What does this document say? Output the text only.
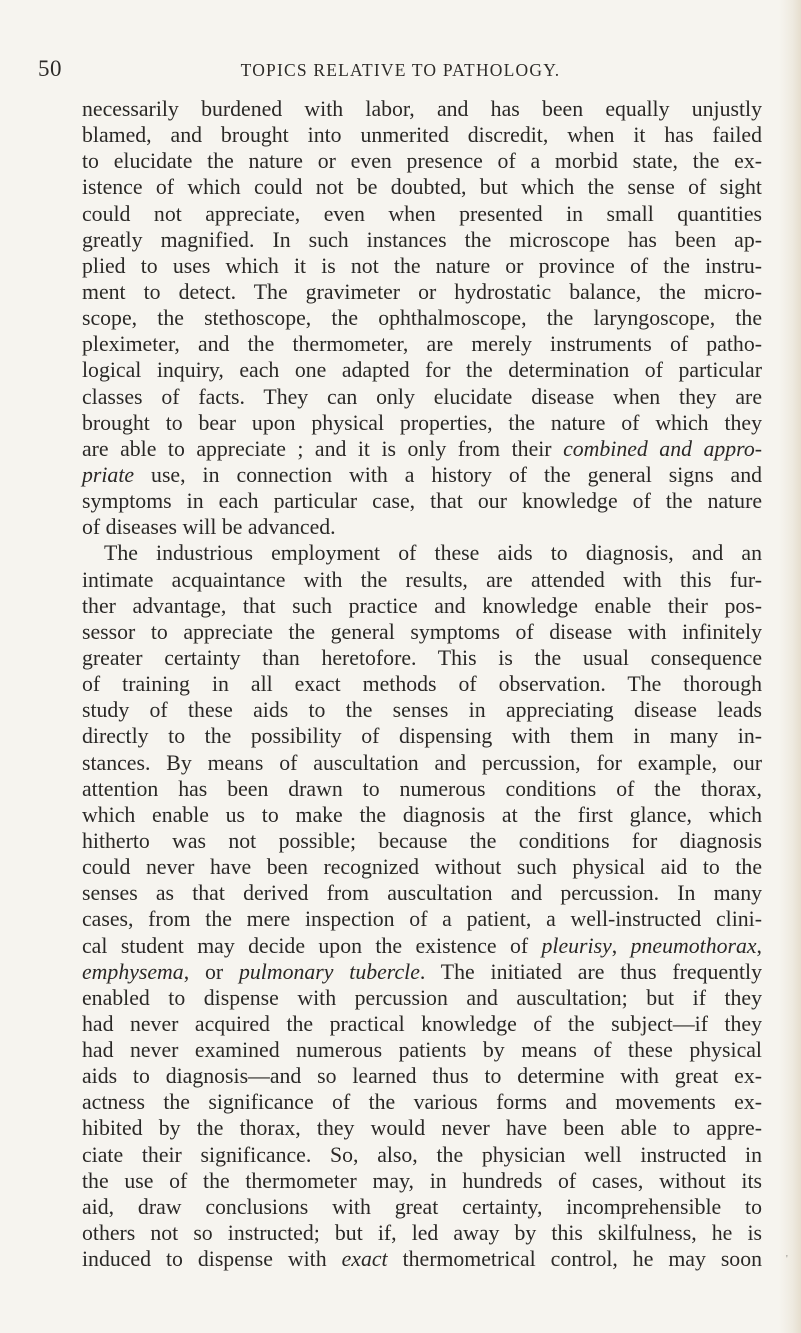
50	TOPICS RELATIVE TO PATHOLOGY.
necessarily burdened with labor, and has been equally unjustly
blamed, and brought into unmerited discredit, when it has failed
to elucidate the nature or even presence of a morbid state, the ex-
istence of which could not be doubted, but which the sense of sight
could not appreciate, even when presented in small quantities
greatly magnified. In such instances the microscope has been ap-
plied to uses which it is not the nature or province of the instru-
ment to detect. The gravimeter or hydrostatic balance, the micro-
scope, the stethoscope, the ophthalmoscope, the laryngoscope, the
pleximeter, and the thermometer, are merely instruments of patho-
logical inquiry, each one adapted for the determination of particular
classes of facts. They can only elucidate disease when they are
brought to bear upon physical properties, the nature of which they
are able to appreciate ; and it is only from their combined and appro-
priate use, in connection with a history of the general signs and
symptoms in each particular case, that our knowledge of the nature
of diseases will be advanced.
The industrious employment of these aids to diagnosis, and an
intimate acquaintance with the results, are attended with this fur-
ther advantage, that such practice and knowledge enable their pos-
sessor to appreciate the general symptoms of disease with infinitely
greater certainty than heretofore. This is the usual consequence
of training in all exact methods of observation. The thorough
study of these aids to the senses in appreciating disease leads
directly to the possibility of dispensing with them in many in-
stances. By means of auscultation and percussion, for example, our
attention has been drawn to numerous conditions of the thorax,
which enable us to make the diagnosis at the first glance, which
hitherto was not possible; because the conditions for diagnosis
could never have been recognized without such physical aid to the
senses as that derived from auscultation and percussion. In many
cases, from the mere inspection of a patient, a well-instructed clini-
cal student may decide upon the existence of pleurisy, pneumothorax,
emphysema, or pulmonary tubercle. The initiated are thus frequently
enabled to dispense with percussion and auscultation; but if they
had never acquired the practical knowledge of the subject—if they
had never examined numerous patients by means of these physical
aids to diagnosis—and so learned thus to determine with great ex-
actness the significance of the various forms and movements ex-
hibited by the thorax, they would never have been able to appre-
ciate their significance. So, also, the physician well instructed in
the use of the thermometer may, in hundreds of cases, without its
aid, draw conclusions with great certainty, incomprehensible to
others not so instructed; but if, led away by this skilfulness, he is
induced to dispense with exact thermometrical control, he may soon
